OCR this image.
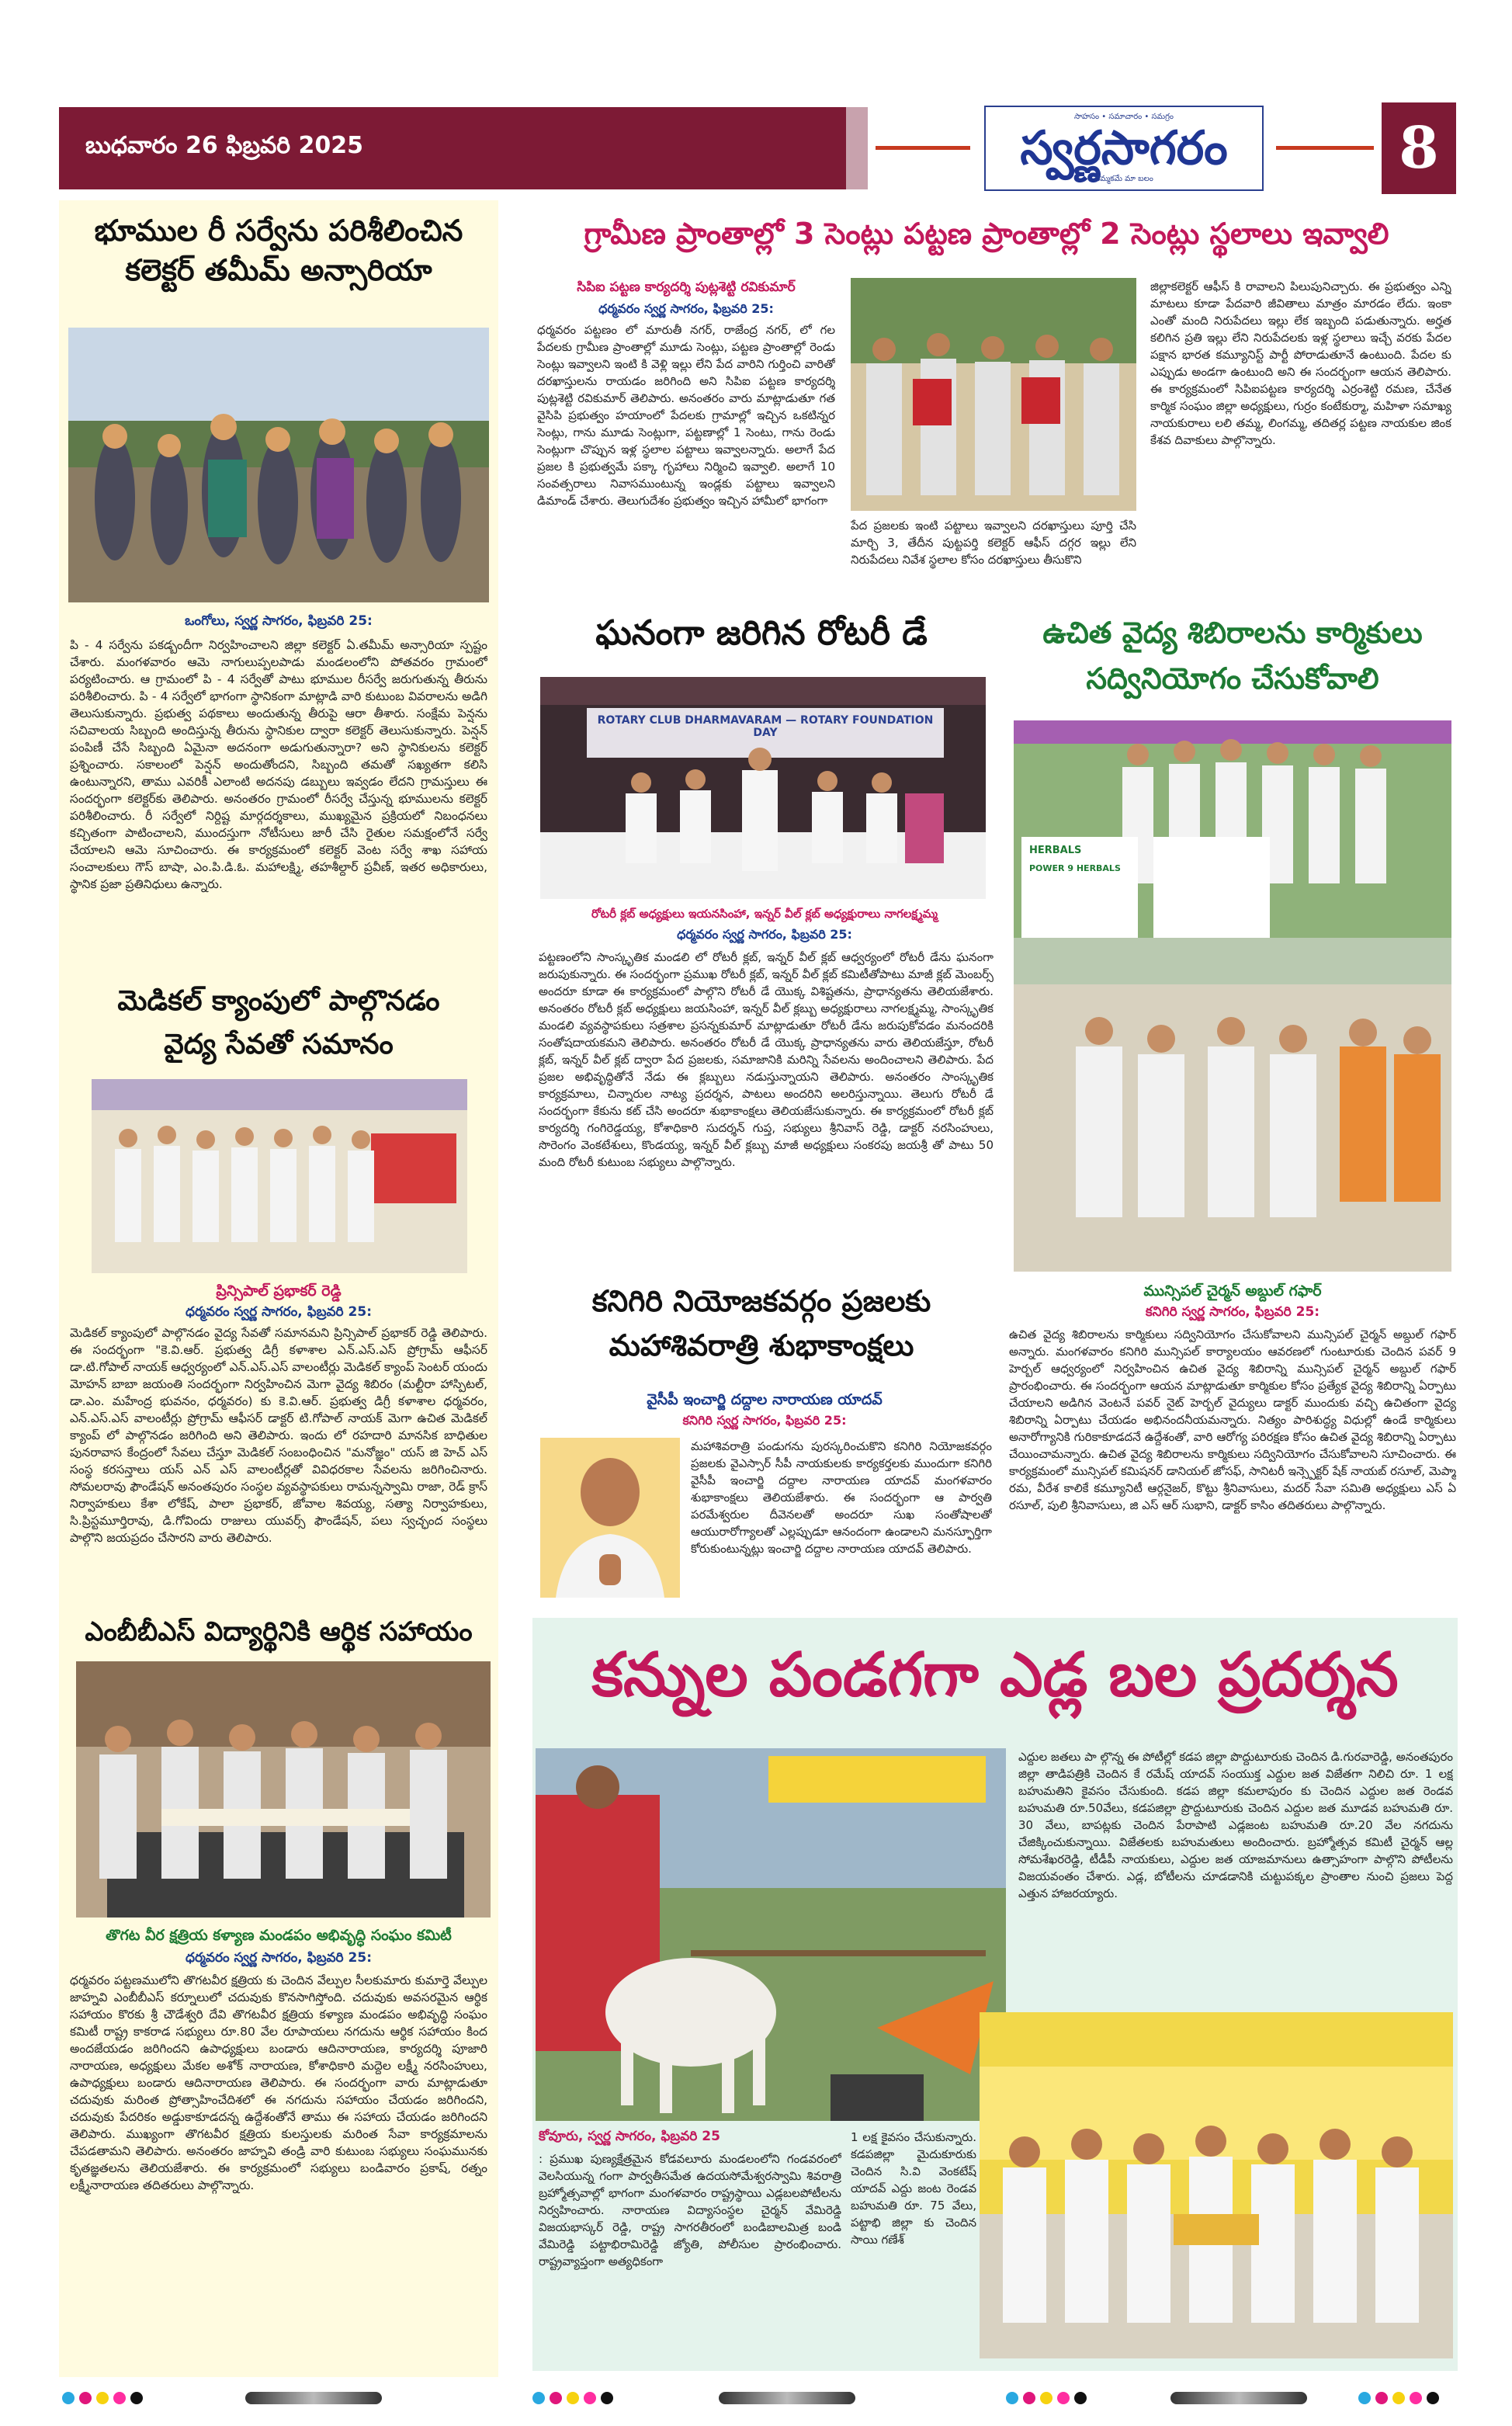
బుధవారం 26 ఫిబ్రవరి 2025
సాహసం • సమాచారం • సమగ్రం
స్వర్ణసాగరం
నమ్మకమే మా బలం	8
భూముల రీ సర్వేను పరిశీలించిన
కలెక్టర్ తమీమ్ అన్సారియా
ఒంగోలు, స్వర్ణ సాగరం, ఫిబ్రవరి 25:
పి - 4 సర్వేను పకడ్బందీగా నిర్వహించాలని జిల్లా కలెక్టర్ ఏ.తమీమ్ అన్సారియా స్పష్టం చేశారు. మంగళవారం ఆమె నాగులుప్పలపాడు మండలంలోని పోతవరం గ్రామంలో పర్యటించారు. ఆ గ్రామంలో పి - 4 సర్వేతో పాటు భూముల రీసర్వే జరుగుతున్న తీరును పరిశీలించారు. పి - 4 సర్వేలో భాగంగా స్థానికంగా మాట్లాడి వారి కుటుంబ వివరాలను అడిగి తెలుసుకున్నారు. ప్రభుత్వ పథకాలు అందుతున్న తీరుపై ఆరా తీశారు. సంక్షేమ పెన్షను సచివాలయ సిబ్బంది అందిస్తున్న తీరును స్థానికుల ద్వారా కలెక్టర్ తెలుసుకున్నారు. పెన్షన్ పంపిణీ చేసే సిబ్బంది ఏమైనా అదనంగా అడుగుతున్నారా? అని స్థానికులను కలెక్టర్ ప్రశ్నించారు. సకాలంలో పెన్షన్ అందుతోందని, సిబ్బంది తమతో సఖ్యతగా కలిసి ఉంటున్నారని, తాము ఎవరికీ ఎలాంటి అదనపు డబ్బులు ఇవ్వడం లేదని గ్రామస్తులు ఈ సందర్భంగా కలెక్టర్‌కు తెలిపారు. అనంతరం గ్రామంలో రీసర్వే చేస్తున్న భూములను కలెక్టర్ పరిశీలించారు. రీ సర్వేలో నిర్దిష్ట మార్గదర్శకాలు, ముఖ్యమైన ప్రక్రియలో నిబంధనలు కచ్చితంగా పాటించాలని, ముందస్తుగా నోటీసులు జారీ చేసి రైతుల సమక్షంలోనే సర్వే చేయాలని ఆమె సూచించారు. ఈ కార్యక్రమంలో కలెక్టర్ వెంట సర్వే శాఖ సహాయ సంచాలకులు గౌస్ బాషా, ఎం.పి.డి.ఓ. మహాలక్ష్మి, తహశీల్దార్ ప్రవీణ్, ఇతర అధికారులు, స్థానిక ప్రజా ప్రతినిధులు ఉన్నారు.
మెడికల్ క్యాంపులో పాల్గొనడం
వైద్య సేవతో సమానం
ప్రిన్సిపాల్ ప్రభాకర్ రెడ్డి
ధర్మవరం స్వర్ణ సాగరం, ఫిబ్రవరి 25:
మెడికల్ క్యాంపులో పాల్గొనడం వైద్య సేవతో సమానమని ప్రిన్సిపాల్ ప్రభాకర్ రెడ్డి తెలిపారు. ఈ సందర్భంగా "కె.వి.ఆర్. ప్రభుత్వ డిగ్రీ కళాశాల ఎన్.ఎస్.ఎస్ ప్రోగ్రామ్ ఆఫీసర్ డా.టి.గోపాల్ నాయక్ ఆధ్వర్యంలో ఎన్.ఎస్.ఎస్ వాలంటీర్లు మెడికల్ క్యాంప్ సెంటర్ యందు మోహన్ బాబా జయంతి సందర్భంగా నిర్వహించిన మెగా వైద్య శిబిరం (మల్టీరా హాస్పిటల్, డా.ఎం. మహేంద్ర భువనం, ధర్మవరం) కు కె.వి.ఆర్. ప్రభుత్వ డిగ్రీ కళాశాల ధర్మవరం, ఎన్.ఎస్.ఎస్ వాలంటీర్లు ప్రోగ్రామ్ ఆఫీసర్ డాక్టర్ టి.గోపాల్ నాయక్ మెగా ఉచిత మెడికల్ క్యాంప్ లో పాల్గొనడం జరిగింది అని తెలిపారు. ఇందు లో రహదారి మానసిక బాధితుల పునరావాస కేంద్రంలో సేవలు చేస్తూ మెడికల్ సంబంధించిన "మనోజ్ఞం" యస్ జి హెచ్ ఎస్ సంస్థ కరసన్తాలు యస్ ఎన్ ఎస్ వాలంటీర్లతో వివిధరకాల సేవలను జరిగించినారు. సోమలరావు ఫౌండేషన్ అనంతపురం సంస్థల వ్యవస్థాపకులు రామన్నస్వామి రాజా, రెడ్ క్రాస్ నిర్వాహకులు కేశా లోకేష్, పాలా ప్రభాకర్, జోవాల శివయ్య, సత్యా నిర్వాహకులు, సి.ప్రిస్టమూర్తిరావు, డి.గోవిందు రాజులు యువర్స్ ఫౌండేషన్, పలు స్వచ్ఛంద సంస్థలు పాల్గొని జయప్రదం చేసారని వారు తెలిపారు.
ఎంబీబీఎస్ విద్యార్థినికి ఆర్థిక సహాయం
తొగట వీర క్షత్రియ కళ్యాణ మండపం అభివృద్ధి సంఘం కమిటీ
ధర్మవరం స్వర్ణ సాగరం, ఫిబ్రవరి 25:
ధర్మవరం పట్టణములోని తొగటవీర క్షత్రియ కు చెందిన వేల్పుల సీలకుమారు కుమార్తె వేల్పుల జాహ్నవి ఎంబీబీఎస్ కర్నూలులో చదువుకు కొనసాగిస్తోంది. చదువుకు అవసరమైన ఆర్థిక సహాయం కొరకు శ్రీ చౌడేశ్వరి దేవి తొగటవీర క్షత్రియ కళ్యాణ మండపం అభివృద్ధి సంఘం కమిటీ రాష్ట్ర కాకరాడ సభ్యులు రూ.80 వేల రూపాయలు నగదును ఆర్థిక సహాయం కింద అందజేయడం జరిగిందని ఉపాధ్యక్షులు బండారు ఆదినారాయణ, కార్యదర్శి పూజారి నారాయణ, అధ్యక్షులు మేకల అశోక్ నారాయణ, కోశాధికారి మద్దెల లక్ష్మీ నరసింహులు, ఉపాధ్యక్షులు బండారు ఆదినారాయణ తెలిపారు. ఈ సందర్భంగా వారు మాట్లాడుతూ చదువుకు మరింత ప్రోత్సాహించేదిశలో ఈ నగదును సహాయం చేయడం జరిగిందని, చదువుకు పేదరికం అడ్డుకాకూడదన్న ఉద్దేశంతోనే తాము ఈ సహాయ చేయడం జరిగిందని తెలిపారు. ముఖ్యంగా తొగటవీర క్షత్రియ కులస్తులకు మరింత సేవా కార్యక్రమాలను చేపడతామని తెలిపారు. అనంతరం జాహ్నవి తండ్రి వారి కుటుంబ సభ్యులు సంఘమునకు కృతజ్ఞతలను తెలియజేశారు. ఈ కార్యక్రమంలో సభ్యులు బండివారం ప్రకాష్, రత్నం లక్ష్మీనారాయణ తదితరులు పాల్గొన్నారు.
గ్రామీణ ప్రాంతాల్లో 3 సెంట్లు పట్టణ ప్రాంతాల్లో 2 సెంట్లు స్థలాలు ఇవ్వాలి
సిపిఐ పట్టణ కార్యదర్శి పుట్లశెట్టి రవికుమార్
ధర్మవరం స్వర్ణ సాగరం, ఫిబ్రవరి 25:
ధర్మవరం పట్టణం లో మారుతీ నగర్, రాజేంద్ర నగర్, లో గల పేదలకు గ్రామీణ ప్రాంతాల్లో మూడు సెంట్లు, పట్టణ ప్రాంతాల్లో రెండు సెంట్లు ఇవ్వాలని ఇంటి కి వెళ్లి ఇల్లు లేని పేద వారిని గుర్తించి వారితో దరఖాస్తులను రాయడం జరిగింది అని సిపిఐ పట్టణ కార్యదర్శి పుట్లశెట్టి రవికుమార్ తెలిపారు. అనంతరం వారు మాట్లాడుతూ గత వైసిపి ప్రభుత్వం హయాంలో పేదలకు గ్రామాల్లో ఇచ్చిన ఒకటిన్నర సెంట్లు, గాను మూడు సెంట్లుగా, పట్టణాల్లో 1 సెంటు, గాను రెండు సెంట్లుగా చొప్పున ఇళ్ల స్థలాల పట్టాలు ఇవ్వాలన్నారు. అలాగే పేద ప్రజల కి ప్రభుత్వమే పక్కా గృహాలు నిర్మించి ఇవ్వాలి. అలాగే 10 సంవత్సరాలు నివాసముంటున్న ఇండ్లకు పట్టాలు ఇవ్వాలని డిమాండ్ చేశారు. తెలుగుదేశం ప్రభుత్వం ఇచ్చిన హామీలో భాగంగా
పేద ప్రజలకు ఇంటి పట్టాలు ఇవ్వాలని దరఖాస్తులు పూర్తి చేసి మార్చి 3, తేదీన పుట్టపర్తి కలెక్టర్ ఆఫీస్ దగ్గర ఇల్లు లేని నిరుపేదలు నివేశ స్థలాల కోసం దరఖాస్తులు తీసుకొని
జిల్లాకలెక్టర్ ఆఫీస్ కి రావాలని పిలుపునిచ్చారు. ఈ ప్రభుత్వం ఎన్ని మాటలు కూడా పేదవారి జీవితాలు మాత్రం మారడం లేదు. ఇంకా ఎంతో మంది నిరుపేదలు ఇల్లు లేక ఇబ్బంది పడుతున్నారు. అర్హత కలిగిన ప్రతి ఇల్లు లేని నిరుపేదలకు ఇళ్ల స్థలాలు ఇచ్చే వరకు పేదల పక్షాన భారత కమ్యూనిస్ట్ పార్టీ పోరాడుతూనే ఉంటుంది. పేదల కు ఎప్పుడు అండగా ఉంటుంది అని ఈ సందర్భంగా ఆయన తెలిపారు. ఈ కార్యక్రమంలో సిపిఐపట్టణ కార్యదర్శి ఎర్రంశెట్టి రమణ, చేనేత కార్మిక సంఘం జిల్లా అధ్యక్షులు, గుర్రం కంటేకుర్మా, మహిళా సమాఖ్య నాయకురాలు లలి తమ్మ, లింగమ్మ, తదితర్ల పట్టణ నాయకుల జింక కేశవ దివాకులు పాల్గొన్నారు.
ఘనంగా జరిగిన రోటరీ డే
ROTARY CLUB DHARMAVARAM — ROTARY FOUNDATION DAY
రోటరీ క్లబ్ అధ్యక్షులు ఇయనసింహా, ఇన్నర్ వీల్ క్లబ్ అధ్యక్షురాలు నాగలక్ష్మమ్మ
ధర్మవరం స్వర్ణ సాగరం, ఫిబ్రవరి 25:
పట్టణంలోని సాంస్కృతిక మండలి లో రోటరీ క్లబ్, ఇన్నర్ వీల్ క్లబ్ ఆధ్వర్యంలో రోటరీ డేను ఘనంగా జరుపుకున్నారు. ఈ సందర్భంగా ప్రముఖ రోటరీ క్లబ్, ఇన్నర్ వీల్ క్లబ్ కమిటీతోపాటు మాజీ క్లబ్ మెంబర్స్ అందరూ కూడా ఈ కార్యక్రమంలో పాల్గొని రోటరీ డే యొక్క విశిష్టతను, ప్రాధాన్యతను తెలియజేశారు. అనంతరం రోటరీ క్లబ్ అధ్యక్షులు జయసింహా, ఇన్నర్ వీల్ క్లబ్బు అధ్యక్షురాలు నాగలక్ష్మమ్మ, సాంస్కృతిక మండలి వ్యవస్థాపకులు సత్రశాల ప్రసన్నకుమార్ మాట్లాడుతూ రోటరీ డేను జరుపుకోవడం మనందరికి సంతోషదాయకమని తెలిపారు. అనంతరం రోటరీ డే యొక్క ప్రాధాన్యతను వారు తెలియజేస్తూ, రోటరీ క్లబ్, ఇన్నర్ వీల్ క్లబ్ ద్వారా పేద ప్రజలకు, సమాజానికి మరిన్ని సేవలను అందించాలని తెలిపారు. పేద ప్రజల అభివృద్ధితోనే నేడు ఈ క్లబ్బులు నడుస్తున్నాయని తెలిపారు. అనంతరం సాంస్కృతిక కార్యక్రమాలు, చిన్నారుల నాట్య ప్రదర్శన, పాటలు అందరిని అలరిస్తున్నాయి. తెలుగు రోటరీ డే సందర్భంగా కేకును కట్ చేసి అందరూ శుభాకాంక్షలు తెలియజేసుకున్నారు. ఈ కార్యక్రమంలో రోటరీ క్లబ్ కార్యదర్శి గంగిరెడ్డయ్య, కోశాధికారి సుదర్శన్ గుప్త, సభ్యులు శ్రీనివాస్ రెడ్డి, డాక్టర్ నరసింహులు, సొరెంగం వెంకటేశులు, కొండయ్య, ఇన్నర్ వీల్ క్లబ్బు మాజీ అధ్యక్షులు సంకరపు జయశ్రీ తో పాటు 50 మంది రోటరీ కుటుంబ సభ్యులు పాల్గొన్నారు.
ఉచిత వైద్య శిబిరాలను కార్మికులు
సద్వినియోగం చేసుకోవాలి
HERBALS
POWER 9 HERBALS
మున్సిపల్ చైర్మన్ అబ్దుల్ గఫార్
కనిగిరి స్వర్ణ సాగరం, ఫిబ్రవరి 25:
ఉచిత వైద్య శిబిరాలను కార్మికులు సద్వినియోగం చేసుకోవాలని మున్సిపల్ చైర్మన్ అబ్దుల్ గఫార్ అన్నారు. మంగళవారం కనిగిరి మున్సిపల్ కార్యాలయం ఆవరణలో గుంటూరుకు చెందిన పవర్ 9 హెర్బల్ ఆధ్వర్యంలో నిర్వహించిన ఉచిత వైద్య శిబిరాన్ని మున్సిపల్ చైర్మన్ అబ్దుల్ గఫార్ ప్రారంభించారు. ఈ సందర్భంగా ఆయన మాట్లాడుతూ కార్మికుల కోసం ప్రత్యేక వైద్య శిబిరాన్ని ఏర్పాటు చేయాలని అడిగిన వెంటనే పవర్ నైట్ హెర్బల్ వైద్యులు డాక్టర్ ముందుకు వచ్చి ఉచితంగా వైద్య శిబిరాన్ని ఏర్పాటు చేయడం అభినందనీయమన్నారు. నిత్యం పారిశుద్ధ్య విధుల్లో ఉండే కార్మికులు అనారోగ్యానికి గురికాకూడదనే ఉద్దేశంతో, వారి ఆరోగ్య పరిరక్షణ కోసం ఉచిత వైద్య శిబిరాన్ని ఏర్పాటు చేయించామన్నారు. ఉచిత వైద్య శిబిరాలను కార్మికులు సద్వినియోగం చేసుకోవాలని సూచించారు. ఈ కార్యక్రమంలో మున్సిపల్ కమిషనర్ డానియల్ జోసఫ్, సానిటరీ ఇన్స్పెక్టర్ షేక్ నాయబ్ రసూల్, మెప్మా రమ, వీరేశ కాలికే కమ్యూనిటీ ఆర్గనైజర్, కొట్టు శ్రీనివాసులు, మదర్ సేవా సమితి అధ్యక్షులు ఎస్ ఏ రసూల్, పులి శ్రీనివాసులు, జి ఎస్ ఆర్ సుభాని, డాక్టర్ కాసిం తదితరులు పాల్గొన్నారు.
కనిగిరి నియోజకవర్గం ప్రజలకు
మహాశివరాత్రి శుభాకాంక్షలు
వైసీపీ ఇంచార్జి దద్దాల నారాయణ యాదవ్
కనిగిరి స్వర్ణ సాగరం, ఫిబ్రవరి 25:
మహాశివరాత్రి పండుగను పురస్కరించుకొని కనిగిరి నియోజకవర్గం ప్రజలకు వైఎస్సార్ సీపీ నాయకులకు కార్యకర్తలకు ముందుగా కనిగిరి వైసీపీ ఇంచార్జి దద్దాల నారాయణ యాదవ్ మంగళవారం శుభాకాంక్షలు తెలియజేశారు. ఈ సందర్భంగా ఆ పార్వతి పరమేశ్వరుల దీవెనలతో అందరూ సుఖ సంతోషాలతో ఆయురారోగ్యాలతో ఎల్లప్పుడూ ఆనందంగా ఉండాలని మనస్ఫూర్తిగా కోరుకుంటున్నట్లు ఇంచార్జి దద్దాల నారాయణ యాదవ్ తెలిపారు.
కన్నుల పండగగా ఎడ్ల బల ప్రదర్శన
ఎద్దుల జతలు పా ల్గొన్న ఈ పోటీల్లో కడప జిల్లా పొద్దుటూరుకు చెందిన డి.గురవారెడ్డి, అనంతపురం జిల్లా తాడిపత్రికి చెందిన కే రమేష్ యాదవ్ సంయుక్త ఎద్దుల జత విజేతగా నిలిచి రూ. 1 లక్ష బహుమతిని కైవసం చేసుకుంది. కడప జిల్లా కమలాపురం కు చెందిన ఎద్దుల జత రెండవ బహుమతి రూ.50వేలు, కడపజిల్లా ప్రొద్దుటూరుకు చెందిన ఎద్దుల జత మూడవ బహుమతి రూ. 30 వేలు, బాపట్లకు చెందిన పేరాపాటి ఎడ్లజంట బహుమతి రూ.20 వేల నగదును చేజిక్కించుకున్నాయి. విజేతలకు బహుమతులు అందించారు. బ్రహ్మోత్సవ కమిటీ చైర్మన్ ఆల్ల సోమశేఖరరెడ్డి, టీడీపీ నాయకులు, ఎద్దుల జత యాజమానులు ఉత్సాహంగా పాల్గొని పోటీలను విజయవంతం చేశారు. ఎడ్ల, బోటీలను చూడడానికి చుట్టుపక్కల ప్రాంతాల నుంచి ప్రజలు పెద్ద ఎత్తున హాజరయ్యారు.
కోవూరు, స్వర్ణ సాగరం, ఫిబ్రవరి 25
: ప్రముఖ పుణ్యక్షేత్రమైన కోడవలూరు మండలంలోని గండవరంలో వెలసియున్న గంగా పార్వతీసమేత ఉదయసోమేశ్వరస్వామి శివరాత్రి బ్రహ్మోత్సవాల్లో భాగంగా మంగళవారం రాష్ట్రస్థాయి ఎడ్లబలపోటీలను నిర్వహించారు. నారాయణ విద్యాసంస్థల చైర్మన్ వేమిరెడ్డి విజయభాస్కర్ రెడ్డి, రాష్ట్ర సాగరతీరంలో బండిబాలమిత్ర బండి వేమిరెడ్డి పట్టాభిరామిరెడ్డి జ్యోతి, పోలీసుల ప్రారంభించారు. రాష్ట్రవ్యాప్తంగా అత్యధికంగా
1 లక్ష కైవసం చేసుకున్నారు. కడపజిల్లా మైదుకూరుకు చెందిన సి.వి వెంకటేష్ యాదవ్ ఎద్దు జంట రెండవ బహుమతి రూ. 75 వేలు, పట్టాభి జిల్లా కు చెందిన సాయి గణేశ్
